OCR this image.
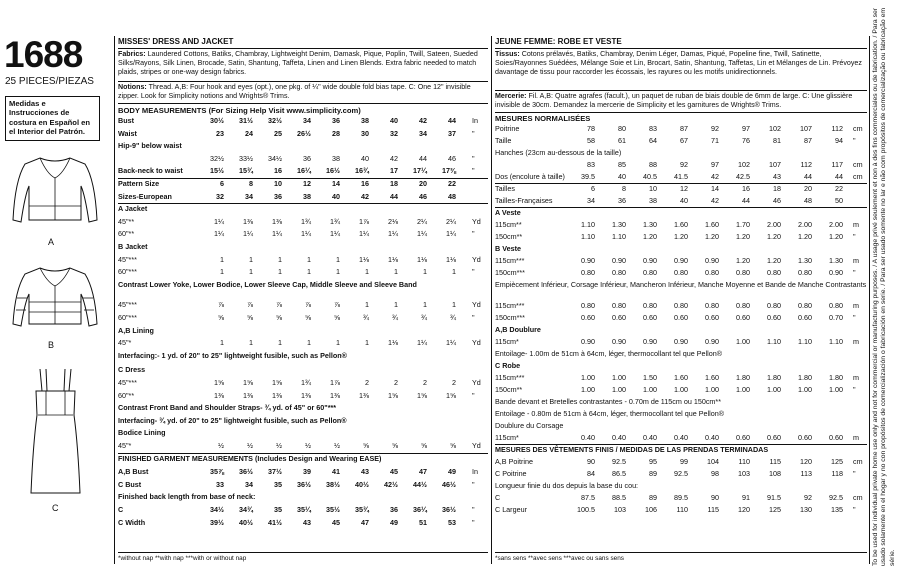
1688
25 PIECES/PIEZAS
Medidas e Instrucciones de costura en Español en el Interior del Patrón.
A
B
C
MISSES' DRESS AND JACKET
Fabrics: Laundered Cottons, Batiks, Chambray, Lightweight Denim, Damask, Pique, Poplin, Twill, Sateen, Sueded Silks/Rayons, Silk Linen, Brocade, Satin, Shantung, Taffeta, Linen and Linen Blends. Extra fabric needed to match plaids, stripes or one-way design fabrics.
Notions: Thread. A,B: Four hook and eyes (opt.), one pkg. of ¼" wide double fold bias tape. C: One 12" invisible zipper. Look for Simplicity notions and Wrights® Trims.
BODY MEASUREMENTS (For Sizing Help Visit www.simplicity.com)
Bust	30½	31½	32½	34	36	38	40	42	44 In
Waist	23	24	25	26½	28	30	32	34	37 "
Hip-9" below waist
32½	33½	34½	36	38	40	42	44	46 "
Back-neck to waist	15½	15¾	16	16¼	16½	16¾	17	17¼	17⅜ "
Pattern Size	6	8	10	12	14	16	18	20	22
Sizes-European	32	34	36	38	40	42	44	46	48
A Jacket
45"**	1¼	1⅜	1⅜	1¾	1¾	1⅞	2⅛	2¼	2¼ Yd
60"**	1¼	1¼	1¼	1¼	1¼	1¼	1¼	1¼	1¼ "
B Jacket
45"***	1	1	1	1	1	1⅛	1⅛	1⅛	1⅛ Yd
60"***	1	1	1	1	1	1	1	1	1 "
Contrast Lower Yoke, Lower Bodice, Lower Sleeve Cap, Middle Sleeve and Sleeve Band
45"***	⅞	⅞	⅞	⅞	⅞	1	1	1	1 Yd
60"***	⅝	⅝	⅝	⅝	⅝	¾	¾	¾	¾ "
A,B Lining
45"*	1	1	1	1	1	1	1⅛	1¼	1¼ Yd
Interfacing:- 1 yd. of 20" to 25" lightweight fusible, such as Pellon®
C Dress
45"***	1⅝	1⅝	1⅝	1¾	1⅞	2	2	2	2 Yd
60"**	1⅜	1⅜	1⅜	1⅜	1⅜	1⅜	1⅝	1⅝	1⅝ "
Contrast Front Band and Shoulder Straps- ¾ yd. of 45" or 60"***
Interfacing- ¾ yd. of 20" to 25" lightweight fusible, such as Pellon®
Bodice Lining
45"*	½	½	½	½	½	⅝	⅝	⅝	⅝ Yd
FINISHED GARMENT MEASUREMENTS (Includes Design and Wearing EASE)
A,B Bust	35⅞	36½	37½	39	41	43	45	47	49 In
C Bust	33	34	35	36½	38½	40½	42½	44½	46½ "
Finished back length from base of neck:
C	34½	34¾	35	35¼	35½	35¾	36	36¼	36½ "
C Width	39½	40½	41½	43	45	47	49	51	53 "
*without nap **with nap ***with or without nap
JEUNE FEMME: ROBE ET VESTE
Tissus: Cotons prélavés, Batiks, Chambray, Denim Léger, Damas, Piqué, Popeline fine, Twill, Satinette, Soies/Rayonnes Suédées, Mélange Soie et Lin, Brocart, Satin, Shantung, Taffetas, Lin et Mélanges de Lin. Prévoyez davantage de tissu pour raccorder les écossais, les rayures ou les motifs unidirectionnels.
Mercerie: Fil. A,B: Quatre agrafes (facult.), un paquet de ruban de biais double de 6mm de large. C: Une glissière invisible de 30cm. Demandez la mercerie de Simplicity et les garnitures de Wrights® Trims.
MESURES NORMALISÉES
Poitrine	78	80	83	87	92	97	102	107	112 cm
Taille	58	61	64	67	71	76	81	87	94 "
Hanches (23cm au-dessous de la taille)
83	85	88	92	97	102	107	112	117 cm
Dos (encolure à taille)	39.5	40	40.5	41.5	42	42.5	43	44	44 cm
Tailles	6	8	10	12	14	16	18	20	22
Tailles-Françaises	34	36	38	40	42	44	46	48	50
A Veste
115cm**	1.10	1.30	1.30	1.60	1.60	1.70	2.00	2.00	2.00 m
150cm**	1.10	1.10	1.20	1.20	1.20	1.20	1.20	1.20	1.20 "
B Veste
115cm***	0.90	0.90	0.90	0.90	0.90	1.20	1.20	1.30	1.30 m
150cm***	0.80	0.80	0.80	0.80	0.80	0.80	0.80	0.80	0.90 "
Empiècement Inférieur, Corsage Inférieur, Mancheron Inférieur, Manche Moyenne et Bande de Manche Contrastants
115cm***	0.80	0.80	0.80	0.80	0.80	0.80	0.80	0.80	0.80 m
150cm***	0.60	0.60	0.60	0.60	0.60	0.60	0.60	0.60	0.70 "
A,B Doublure
115cm*	0.90	0.90	0.90	0.90	0.90	1.00	1.10	1.10	1.10 m
Entoilage- 1.00m de 51cm à 64cm, léger, thermocollant tel que Pellon®
C Robe
115cm***	1.00	1.00	1.50	1.60	1.60	1.80	1.80	1.80	1.80 m
150cm**	1.00	1.00	1.00	1.00	1.00	1.00	1.00	1.00	1.00 "
Bande devant et Bretelles contrastantes - 0.70m de 115cm ou 150cm**
Entoilage - 0.80m de 51cm à 64cm, léger, thermocollant tel que Pellon®
Doublure du Corsage
115cm*	0.40	0.40	0.40	0.40	0.40	0.60	0.60	0.60	0.60 m
MESURES DES VÊTEMENTS FINIS / MEDIDAS DE LAS PRENDAS TERMINADAS
A,B Poitrine	90	92.5	95	99	104	110	115	120	125 cm
C Poitrine	84	86.5	89	92.5	98	103	108	113	118 "
Longueur finie du dos depuis la base du cou:
C	87.5	88.5	89	89.5	90	91	91.5	92	92.5 cm
C Largeur	100.5	103	106	110	115	120	125	130	135 "
*sans sens **avec sens ***avec ou sans sens	To be used for individual private home use only and not for commercial or manufacturing purposes. / A usage privé seulement et non à des fins commerciales ou de fabrication. / Para ser usado solamente en el hogar y no con propósitos de comercialización o fabricación en serie. / Para ser usado somente no lar e não com propósitos de comercialização ou fabricação em série.
